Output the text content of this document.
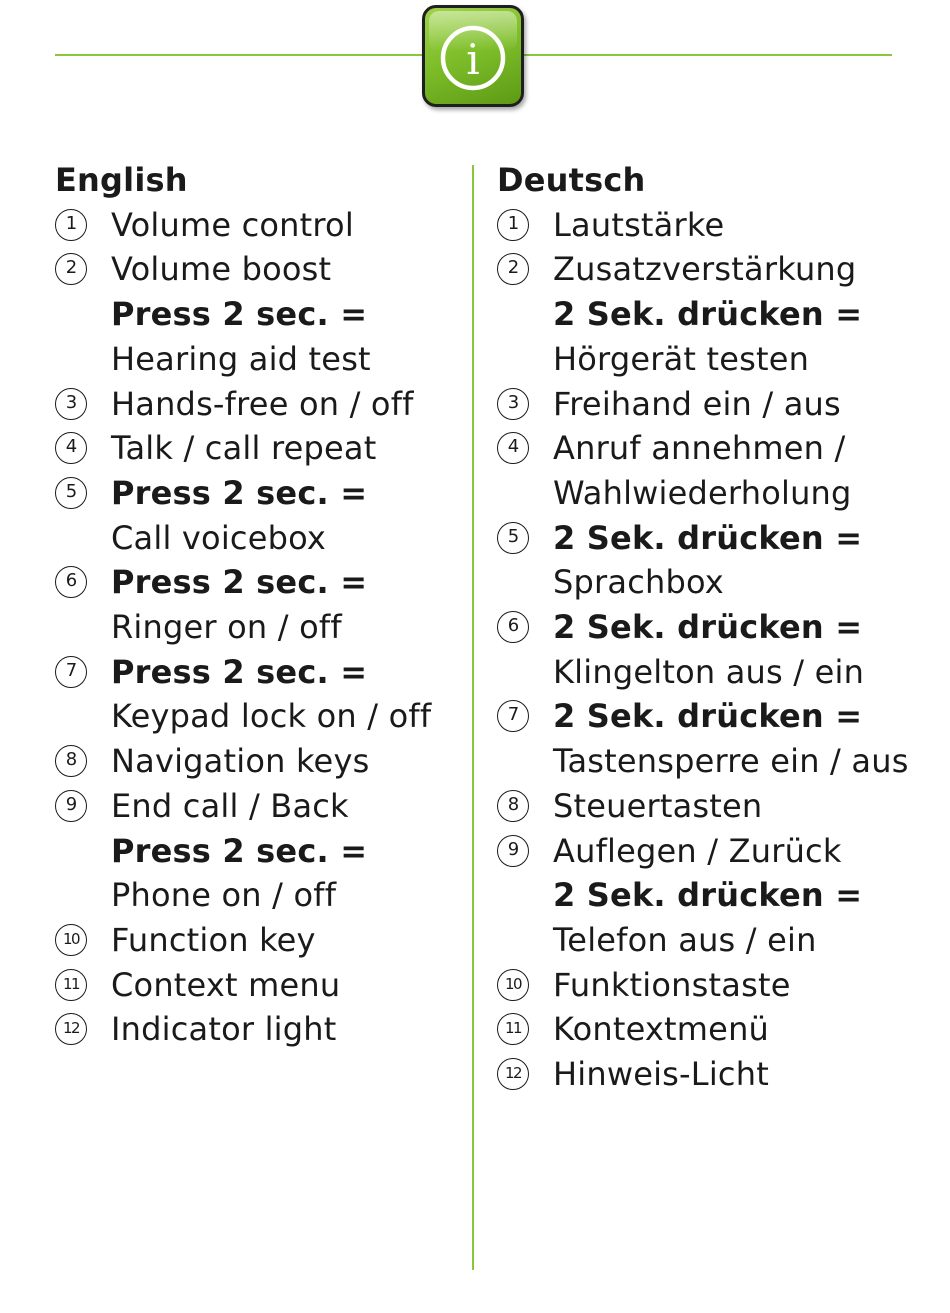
i
English
1	Volume control
2	Volume boost
Press 2 sec. =
Hearing aid test
3	Hands-free on / off
4	Talk / call repeat
5	Press 2 sec. =
Call voicebox
6	Press 2 sec. =
Ringer on / off
7	Press 2 sec. =
Keypad lock on / off
8	Navigation keys
9	End call / Back
Press 2 sec. =
Phone on / off
10 Function key
11 Context menu
12 Indicator light
Deutsch
1	Lautstärke
2	Zusatzverstärkung
2 Sek. drücken =
Hörgerät testen
3	Freihand ein / aus
4	Anruf annehmen /
Wahlwiederholung
5	2 Sek. drücken =
Sprachbox
6	2 Sek. drücken =
Klingelton aus / ein
7	2 Sek. drücken =
Tastensperre ein / aus
8	Steuertasten
9	Auflegen / Zurück
2 Sek. drücken =
Telefon aus / ein
10 Funktionstaste
11 Kontextmenü
12 Hinweis-Licht
